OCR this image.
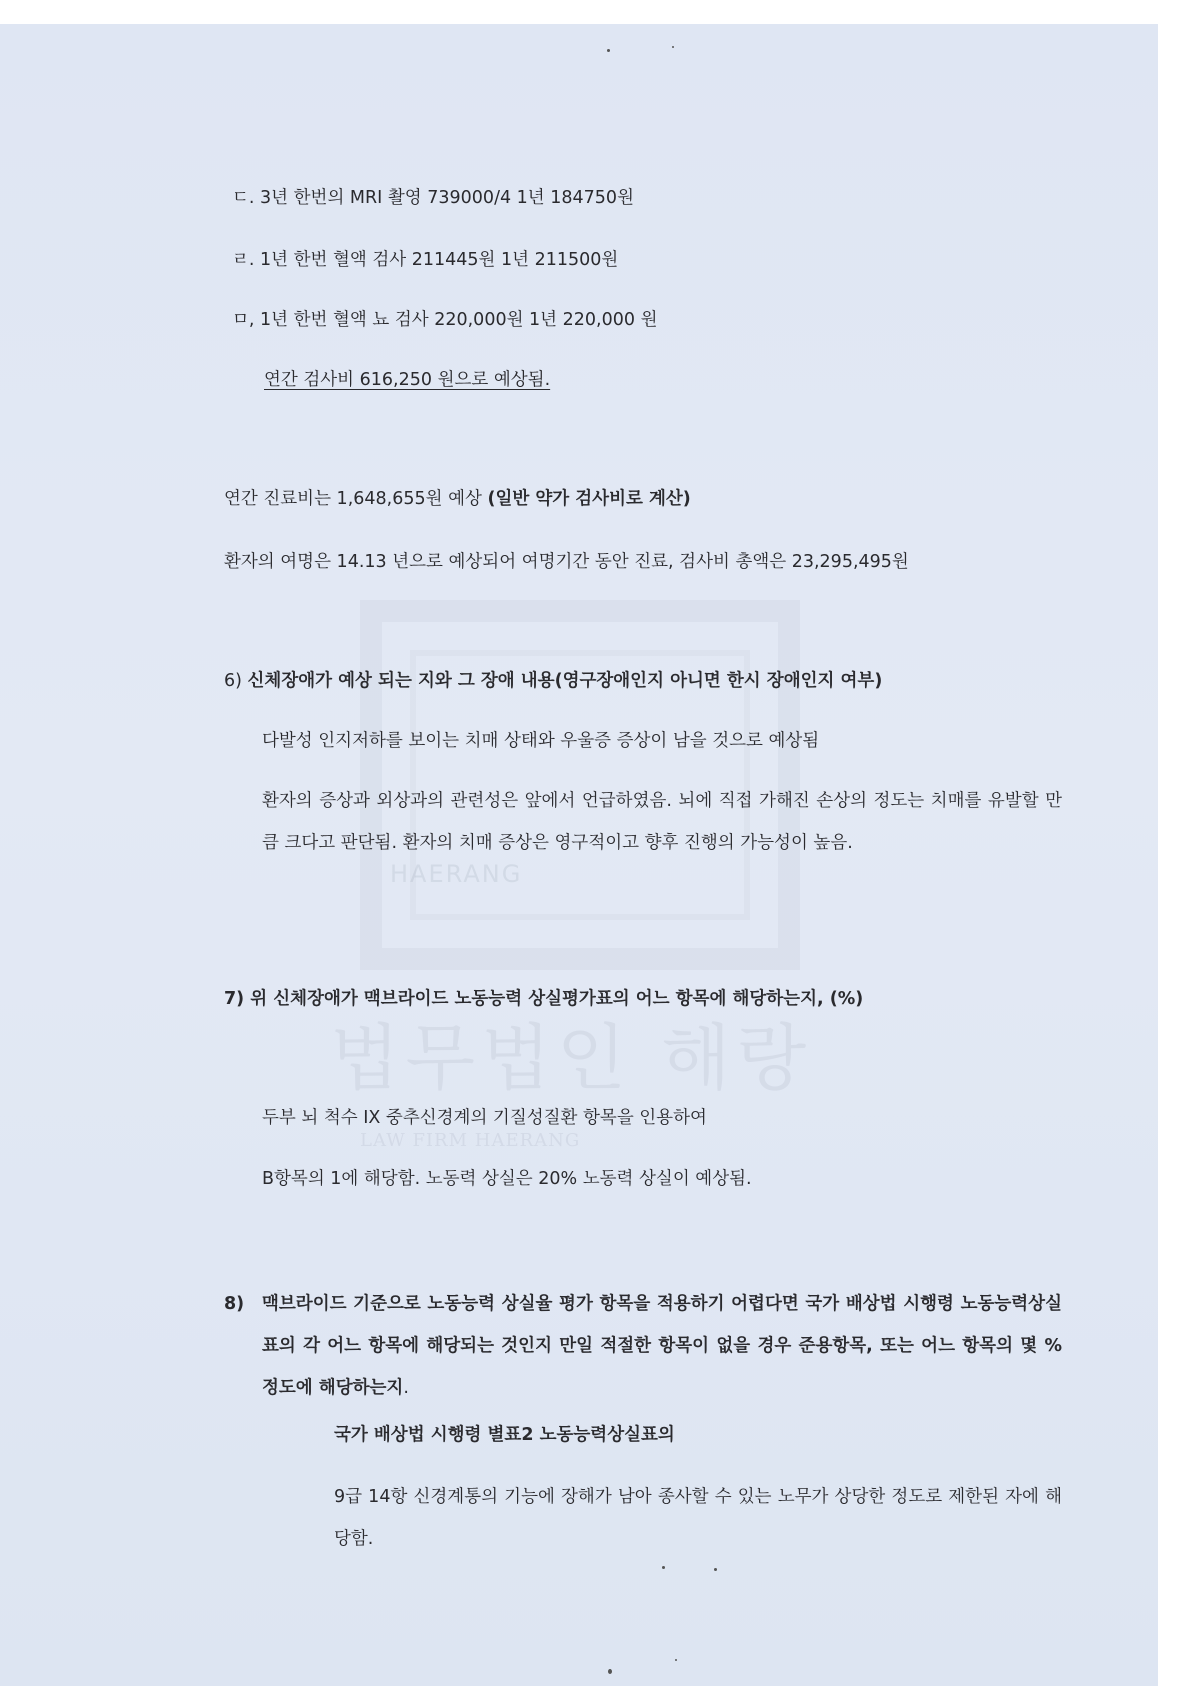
ㄷ. 3년 한번의 MRI 촬영 739000/4 1년 184750원
ㄹ. 1년 한번 혈액 검사 211445원 1년 211500원
ㅁ, 1년 한번 혈액 뇨 검사 220,000원 1년 220,000 원
연간 검사비 616,250 원으로 예상됨.
연간 진료비는 1,648,655원 예상 (일반 약가 검사비로 계산)
환자의 여명은 14.13 년으로 예상되어 여명기간 동안 진료, 검사비 총액은 23,295,495원
6) 신체장애가 예상 되는 지와 그 장애 내용(영구장애인지 아니면 한시 장애인지 여부)
다발성 인지저하를 보이는 치매 상태와 우울증 증상이 남을 것으로 예상됨
환자의 증상과 외상과의 관련성은 앞에서 언급하였음. 뇌에 직접 가해진 손상의 정도는 치매를 유발할 만큼 크다고 판단됨. 환자의 치매 증상은 영구적이고 향후 진행의 가능성이 높음.
7) 위 신체장애가 맥브라이드 노동능력 상실평가표의 어느 항목에 해당하는지, (%)
두부 뇌 척수 IX 중추신경계의 기질성질환 항목을 인용하여
B항목의 1에 해당함. 노동력 상실은 20% 노동력 상실이 예상됨.
8)	맥브라이드 기준으로 노동능력 상실율 평가 항목을 적용하기 어렵다면 국가 배상법 시행령 노동능력상실표의 각 어느 항목에 해당되는 것인지 만일 적절한 항목이 없을 경우 준용항목, 또는 어느 항목의 몇 % 정도에 해당하는지.
국가 배상법 시행령 별표2 노동능력상실표의
9급 14항 신경계통의 기능에 장해가 남아 종사할 수 있는 노무가 상당한 정도로 제한된 자에 해당함.
